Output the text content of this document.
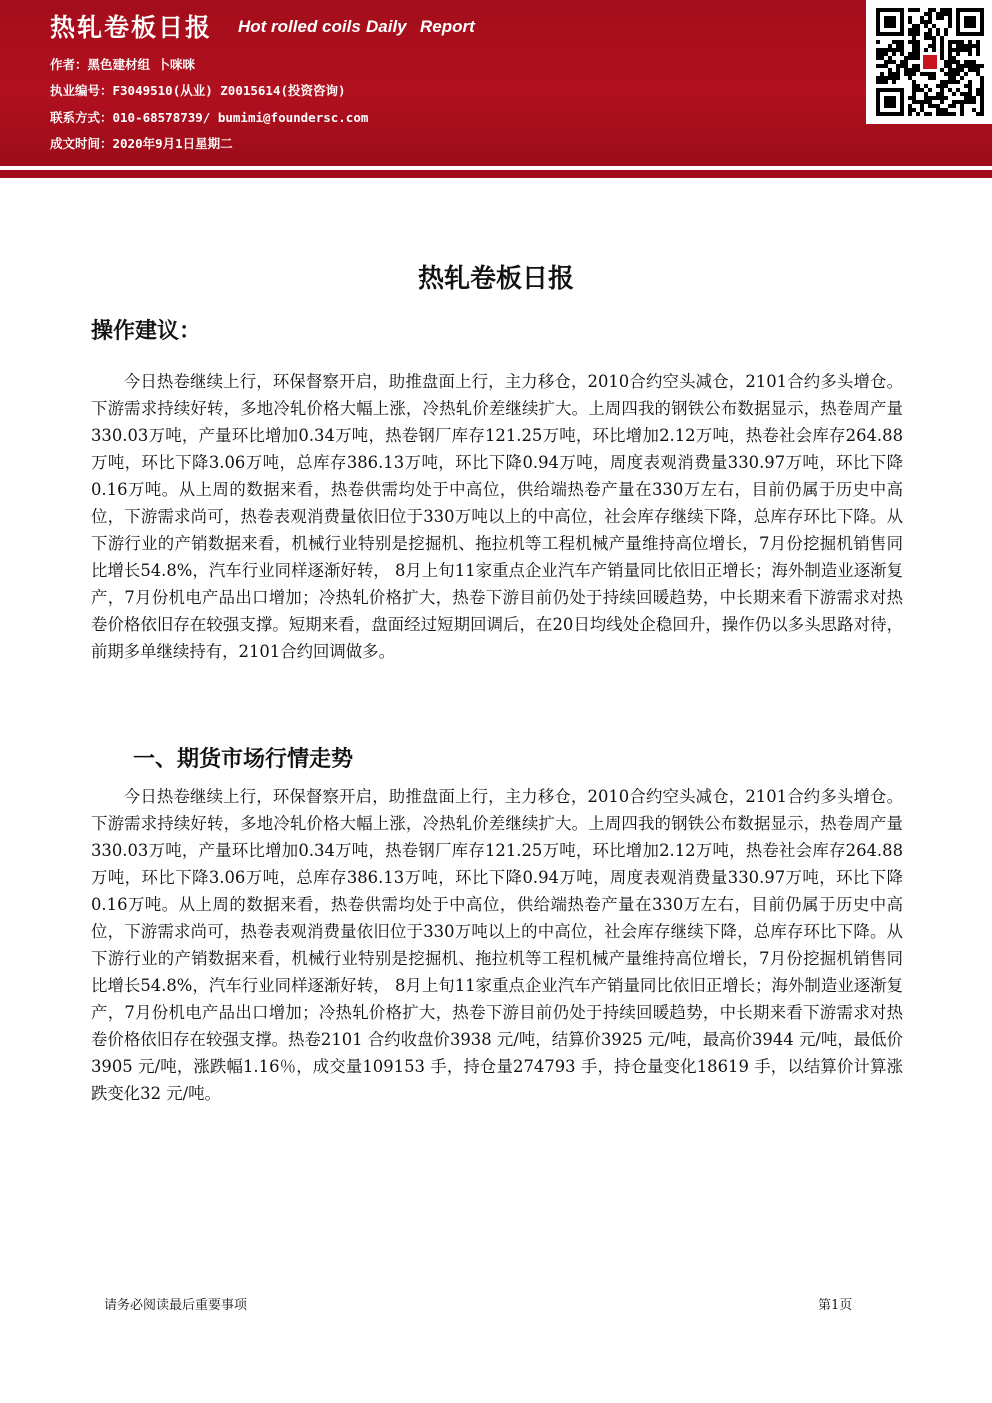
热轧卷板日报 Hot rolled coils Daily Report
作者：黑色建材组 卜咪咪
执业编号：F3049510(从业) Z0015614(投资咨询)
联系方式：010-68578739/ bumimi@foundersc.com
成文时间：2020年9月1日星期二
热轧卷板日报
操作建议：
今日热卷继续上行，环保督察开启，助推盘面上行，主力移仓，2010合约空头减仓，2101合约多头增仓。下游需求持续好转，多地冷轧价格大幅上涨，冷热轧价差继续扩大。上周四我的钢铁公布数据显示，热卷周产量330.03万吨，产量环比增加0.34万吨，热卷钢厂库存121.25万吨，环比增加2.12万吨，热卷社会库存264.88万吨，环比下降3.06万吨，总库存386.13万吨，环比下降0.94万吨，周度表观消费量330.97万吨，环比下降0.16万吨。从上周的数据来看，热卷供需均处于中高位，供给端热卷产量在330万左右，目前仍属于历史中高位，下游需求尚可，热卷表观消费量依旧位于330万吨以上的中高位，社会库存继续下降，总库存环比下降。从下游行业的产销数据来看，机械行业特别是挖掘机、拖拉机等工程机械产量维持高位增长，7月份挖掘机销售同比增长54.8%，汽车行业同样逐渐好转， 8月上旬11家重点企业汽车产销量同比依旧正增长；海外制造业逐渐复产，7月份机电产品出口增加；冷热轧价格扩大，热卷下游目前仍处于持续回暖趋势，中长期来看下游需求对热卷价格依旧存在较强支撑。短期来看，盘面经过短期回调后，在20日均线处企稳回升，操作仍以多头思路对待，前期多单继续持有，2101合约回调做多。
一、期货市场行情走势
今日热卷继续上行，环保督察开启，助推盘面上行，主力移仓，2010合约空头减仓，2101合约多头增仓。下游需求持续好转，多地冷轧价格大幅上涨，冷热轧价差继续扩大。上周四我的钢铁公布数据显示，热卷周产量330.03万吨，产量环比增加0.34万吨，热卷钢厂库存121.25万吨，环比增加2.12万吨，热卷社会库存264.88万吨，环比下降3.06万吨，总库存386.13万吨，环比下降0.94万吨，周度表观消费量330.97万吨，环比下降0.16万吨。从上周的数据来看，热卷供需均处于中高位，供给端热卷产量在330万左右，目前仍属于历史中高位，下游需求尚可，热卷表观消费量依旧位于330万吨以上的中高位，社会库存继续下降，总库存环比下降。从下游行业的产销数据来看，机械行业特别是挖掘机、拖拉机等工程机械产量维持高位增长，7月份挖掘机销售同比增长54.8%，汽车行业同样逐渐好转， 8月上旬11家重点企业汽车产销量同比依旧正增长；海外制造业逐渐复产，7月份机电产品出口增加；冷热轧价格扩大，热卷下游目前仍处于持续回暖趋势，中长期来看下游需求对热卷价格依旧存在较强支撑。热卷2101 合约收盘价3938 元/吨，结算价3925 元/吨，最高价3944 元/吨，最低价3905 元/吨，涨跌幅1.16％，成交量109153 手，持仓量274793 手，持仓量变化18619 手，以结算价计算涨跌变化32 元/吨。
请务必阅读最后重要事项	第1页
